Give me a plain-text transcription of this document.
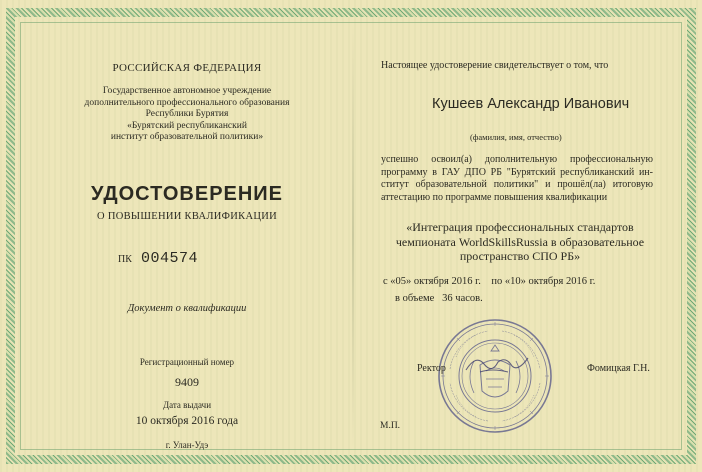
РОССИЙСКАЯ ФЕДЕРАЦИЯ
Государственное автономное учреждение
дополнительного профессионального образования
Республики Бурятия
«Бурятский республиканский
институт образовательной политики»
УДОСТОВЕРЕНИЕ
О ПОВЫШЕНИИ КВАЛИФИКАЦИИ
ПК 004574
Документ о квалификации
Регистрационный номер
9409
Дата выдачи
10 октября 2016 года
г. Улан-Удэ
Настоящее удостоверение свидетельствует о том, что
Кушеев Александр Иванович
(фамилия, имя, отчество)
успешно освоил(а) дополнительную профессиональную
программу в ГАУ ДПО РБ "Бурятский республиканский ин-
ститут образовательной политики" и прошёл(ла) итоговую
аттестацию по программе повышения квалификации
«Интеграция профессиональных стандартов
чемпионата WorldSkillsRussia в образовательное
пространство СПО РБ»
с «05» октября 2016 г.    по «10» октября 2016 г.
в объеме   36 часов.
Ректор	Фомицкая Г.Н.
М.П.
